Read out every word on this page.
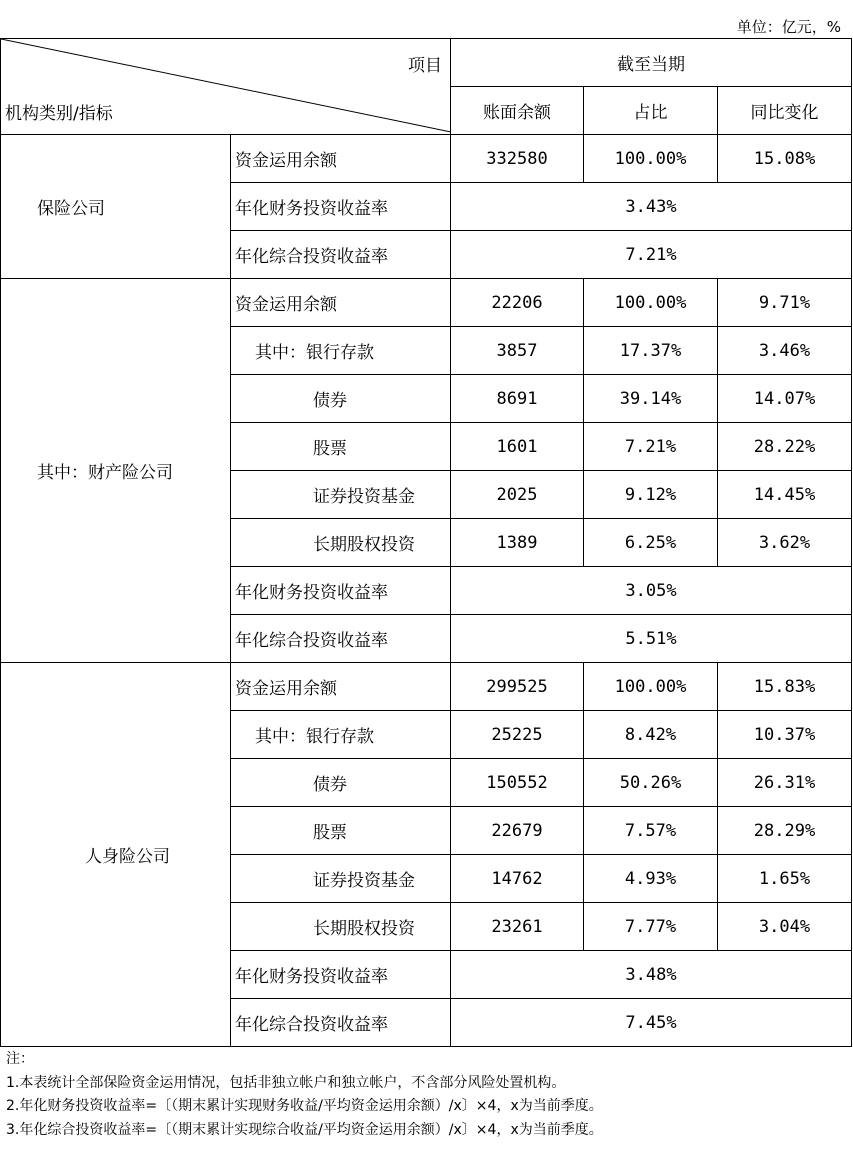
单位：亿元，%
项目
机构类别/指标		截至当期		
		账面余额	占比	同比变化
保险公司	资金运用余额	332580	100.00%	15.08%
	年化财务投资收益率	3.43%		
	年化综合投资收益率	7.21%		
其中：财产险公司	资金运用余额	22206	100.00%	9.71%
	其中：银行存款	3857	17.37%	3.46%
	债券	8691	39.14%	14.07%
	股票	1601	7.21%	28.22%
	证券投资基金	2025	9.12%	14.45%
	长期股权投资	1389	6.25%	3.62%
	年化财务投资收益率	3.05%		
	年化综合投资收益率	5.51%		
人身险公司	资金运用余额	299525	100.00%	15.83%
	其中：银行存款	25225	8.42%	10.37%
	债券	150552	50.26%	26.31%
	股票	22679	7.57%	28.29%
	证券投资基金	14762	4.93%	1.65%
	长期股权投资	23261	7.77%	3.04%
	年化财务投资收益率	3.48%		
	年化综合投资收益率	7.45%		
注：
1.本表统计全部保险资金运用情况，包括非独立帐户和独立帐户，不含部分风险处置机构。
2.年化财务投资收益率=〔（期末累计实现财务收益/平均资金运用余额）/x〕×4，x为当前季度。
3.年化综合投资收益率=〔（期末累计实现综合收益/平均资金运用余额）/x〕×4，x为当前季度。
